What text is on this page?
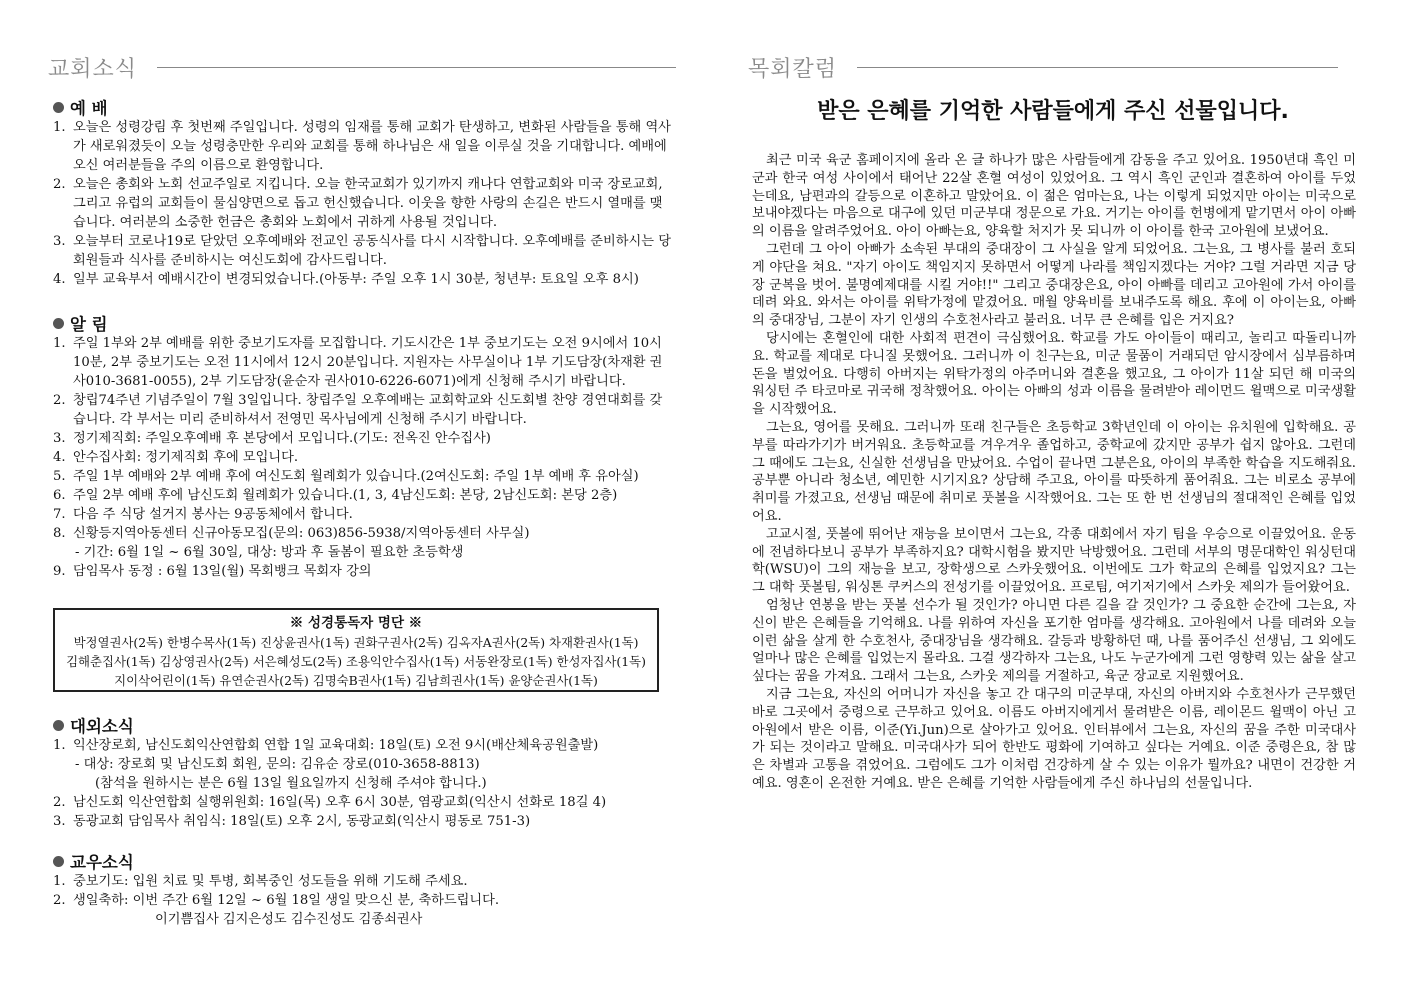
교회소식
예 배
1. 오늘은 성령강림 후 첫번째 주일입니다. 성령의 임재를 통해 교회가 탄생하고, 변화된 사람들을 통해 역사가 새로워졌듯이 오늘 성령충만한 우리와 교회를 통해 하나님은 새 일을 이루실 것을 기대합니다. 예배에 오신 여러분들을 주의 이름으로 환영합니다.
2. 오늘은 총회와 노회 선교주일로 지킵니다. 오늘 한국교회가 있기까지 캐나다 연합교회와 미국 장로교회, 그리고 유럽의 교회들이 물심양면으로 돕고 헌신했습니다. 이웃을 향한 사랑의 손길은 반드시 열매를 맺습니다. 여러분의 소중한 헌금은 총회와 노회에서 귀하게 사용될 것입니다.
3. 오늘부터 코로나19로 닫았던 오후예배와 전교인 공동식사를 다시 시작합니다. 오후예배를 준비하시는 당회원들과 식사를 준비하시는 여신도회에 감사드립니다.
4. 일부 교육부서 예배시간이 변경되었습니다.(아동부: 주일 오후 1시 30분, 청년부: 토요일 오후 8시)
알 림
1. 주일 1부와 2부 예배를 위한 중보기도자를 모집합니다. 기도시간은 1부 중보기도는 오전 9시에서 10시 10분, 2부 중보기도는 오전 11시에서 12시 20분입니다. 지원자는 사무실이나 1부 기도담장(차재환 권사010-3681-0055), 2부 기도담장(윤순자 권사010-6226-6071)에게 신청해 주시기 바랍니다.
2. 창립74주년 기념주일이 7월 3일입니다. 창립주일 오후예배는 교회학교와 신도회별 찬양 경연대회를 갖습니다. 각 부서는 미리 준비하셔서 전영민 목사님에게 신청해 주시기 바랍니다.
3. 정기제직회: 주일오후예배 후 본당에서 모입니다.(기도: 전옥진 안수집사)
4. 안수집사회: 정기제직회 후에 모입니다.
5. 주일 1부 예배와 2부 예배 후에 여신도회 월례회가 있습니다.(2여신도회: 주일 1부 예배 후 유아실)
6. 주일 2부 예배 후에 남신도회 월례회가 있습니다.(1, 3, 4남신도회: 본당, 2남신도회: 본당 2층)
7. 다음 주 식당 설거지 봉사는 9공동체에서 합니다.
8. 신황등지역아동센터 신규아동모집(문의: 063)856-5938/지역아동센터 사무실)
- 기간: 6월 1일 ~ 6월 30일, 대상: 방과 후 돌봄이 필요한 초등학생
9. 담임목사 동정 : 6월 13일(월) 목회뱅크 목회자 강의
※ 성경통독자 명단 ※
박정열권사(2독) 한병수목사(1독) 진상윤권사(1독) 권화구권사(2독) 김옥자A권사(2독) 차재환권사(1독)
김해춘집사(1독) 김상영권사(2독) 서은혜성도(2독) 조용익안수집사(1독) 서동완장로(1독) 한성자집사(1독)
지이삭어린이(1독) 유연순권사(2독) 김명숙B권사(1독) 김남희권사(1독) 윤양순권사(1독)
대외소식
1. 익산장로회, 남신도회익산연합회 연합 1일 교육대회: 18일(토) 오전 9시(배산체육공원출발)
- 대상: 장로회 및 남신도회 회원, 문의: 김유순 장로(010-3658-8813)
(참석을 원하시는 분은 6월 13일 월요일까지 신청해 주셔야 합니다.)
2. 남신도회 익산연합회 실행위원회: 16일(목) 오후 6시 30분, 염광교회(익산시 선화로 18길 4)
3. 동광교회 담임목사 취임식: 18일(토) 오후 2시, 동광교회(익산시 평동로 751-3)
교우소식
1. 중보기도: 입원 치료 및 투병, 회복중인 성도들을 위해 기도해 주세요.
2. 생일축하: 이번 주간 6월 12일 ~ 6월 18일 생일 맞으신 분, 축하드립니다.
이기쁨집사 김지은성도 김수진성도 김종쇠권사
목회칼럼
받은 은혜를 기억한 사람들에게 주신 선물입니다.

최근 미국 육군 홈페이지에 올라 온 글 하나가 많은 사람들에게 감동을 주고 있어요. 1950년대 흑인 미군과 한국 여성 사이에서 태어난 22살 혼혈 여성이 있었어요. 그 역시 흑인 군인과 결혼하여 아이를 두었는데요, 남편과의 갈등으로 이혼하고 말았어요. 이 젊은 엄마는요, 나는 이렇게 되었지만 아이는 미국으로 보내야겠다는 마음으로 대구에 있던 미군부대 정문으로 가요. 거기는 아이를 헌병에게 맡기면서 아이 아빠의 이름을 알려주었어요. 아이 아빠는요, 양육할 처지가 못 되니까 이 아이를 한국 고아원에 보냈어요.

그런데 그 아이 아빠가 소속된 부대의 중대장이 그 사실을 알게 되었어요. 그는요, 그 병사를 불러 호되게 야단을 쳐요. "자기 아이도 책임지지 못하면서 어떻게 나라를 책임지겠다는 거야? 그럴 거라면 지금 당장 군복을 벗어. 불명예제대를 시킬 거야!!" 그리고 중대장은요, 아이 아빠를 데리고 고아원에 가서 아이를 데려 와요. 와서는 아이를 위탁가정에 맡겼어요. 매월 양육비를 보내주도록 해요. 후에 이 아이는요, 아빠의 중대장님, 그분이 자기 인생의 수호천사라고 불러요. 너무 큰 은혜를 입은 거지요?

당시에는 혼혈인에 대한 사회적 편견이 극심했어요. 학교를 가도 아이들이 때리고, 놀리고 따돌리니까요. 학교를 제대로 다니질 못했어요. 그러니까 이 친구는요, 미군 물품이 거래되던 암시장에서 심부름하며 돈을 벌었어요. 다행히 아버지는 위탁가정의 아주머니와 결혼을 했고요, 그 아이가 11살 되던 해 미국의 워싱턴 주 타코마로 귀국해 정착했어요. 아이는 아빠의 성과 이름을 물려받아 레이먼드 윌맥으로 미국생활을 시작했어요.

그는요, 영어를 못해요. 그러니까 또래 친구들은 초등학교 3학년인데 이 아이는 유치원에 입학해요. 공부를 따라가기가 버거워요. 초등학교를 겨우겨우 졸업하고, 중학교에 갔지만 공부가 쉽지 않아요. 그런데 그 때에도 그는요, 신실한 선생님을 만났어요. 수업이 끝나면 그분은요, 아이의 부족한 학습을 지도해줘요. 공부뿐 아니라 청소년, 예민한 시기지요? 상담해 주고요, 아이를 따뜻하게 품어줘요. 그는 비로소 공부에 취미를 가졌고요, 선생님 때문에 취미로 풋볼을 시작했어요. 그는 또 한 번 선생님의 절대적인 은혜를 입었어요.

고교시절, 풋볼에 뛰어난 재능을 보이면서 그는요, 각종 대회에서 자기 팀을 우승으로 이끌었어요. 운동에 전념하다보니 공부가 부족하지요? 대학시험을 봤지만 낙방했어요. 그런데 서부의 명문대학인 워싱턴대학(WSU)이 그의 재능을 보고, 장학생으로 스카웃했어요. 이번에도 그가 학교의 은혜를 입었지요? 그는 그 대학 풋볼팀, 워싱톤 쿠커스의 전성기를 이끌었어요. 프로팀, 여기저기에서 스카웃 제의가 들어왔어요.

엄청난 연봉을 받는 풋볼 선수가 될 것인가? 아니면 다른 길을 갈 것인가? 그 중요한 순간에 그는요, 자신이 받은 은혜들을 기억해요. 나를 위하여 자신을 포기한 엄마를 생각해요. 고아원에서 나를 데려와 오늘 이런 삶을 살게 한 수호천사, 중대장님을 생각해요. 갈등과 방황하던 때, 나를 품어주신 선생님, 그 외에도 얼마나 많은 은혜를 입었는지 몰라요. 그걸 생각하자 그는요, 나도 누군가에게 그런 영향력 있는 삶을 살고 싶다는 꿈을 가져요. 그래서 그는요, 스카웃 제의를 거절하고, 육군 장교로 지원했어요.

지금 그는요, 자신의 어머니가 자신을 놓고 간 대구의 미군부대, 자신의 아버지와 수호천사가 근무했던 바로 그곳에서 중령으로 근무하고 있어요. 이름도 아버지에게서 물려받은 이름, 레이몬드 윌맥이 아닌 고아원에서 받은 이름, 이준(Yi.Jun)으로 살아가고 있어요. 인터뷰에서 그는요, 자신의 꿈을 주한 미국대사가 되는 것이라고 말해요. 미국대사가 되어 한반도 평화에 기여하고 싶다는 거예요. 이준 중령은요, 참 많은 차별과 고통을 겪었어요. 그럼에도 그가 이처럼 건강하게 살 수 있는 이유가 뭘까요? 내면이 건강한 거예요. 영혼이 온전한 거예요. 받은 은혜를 기억한 사람들에게 주신 하나님의 선물입니다.
